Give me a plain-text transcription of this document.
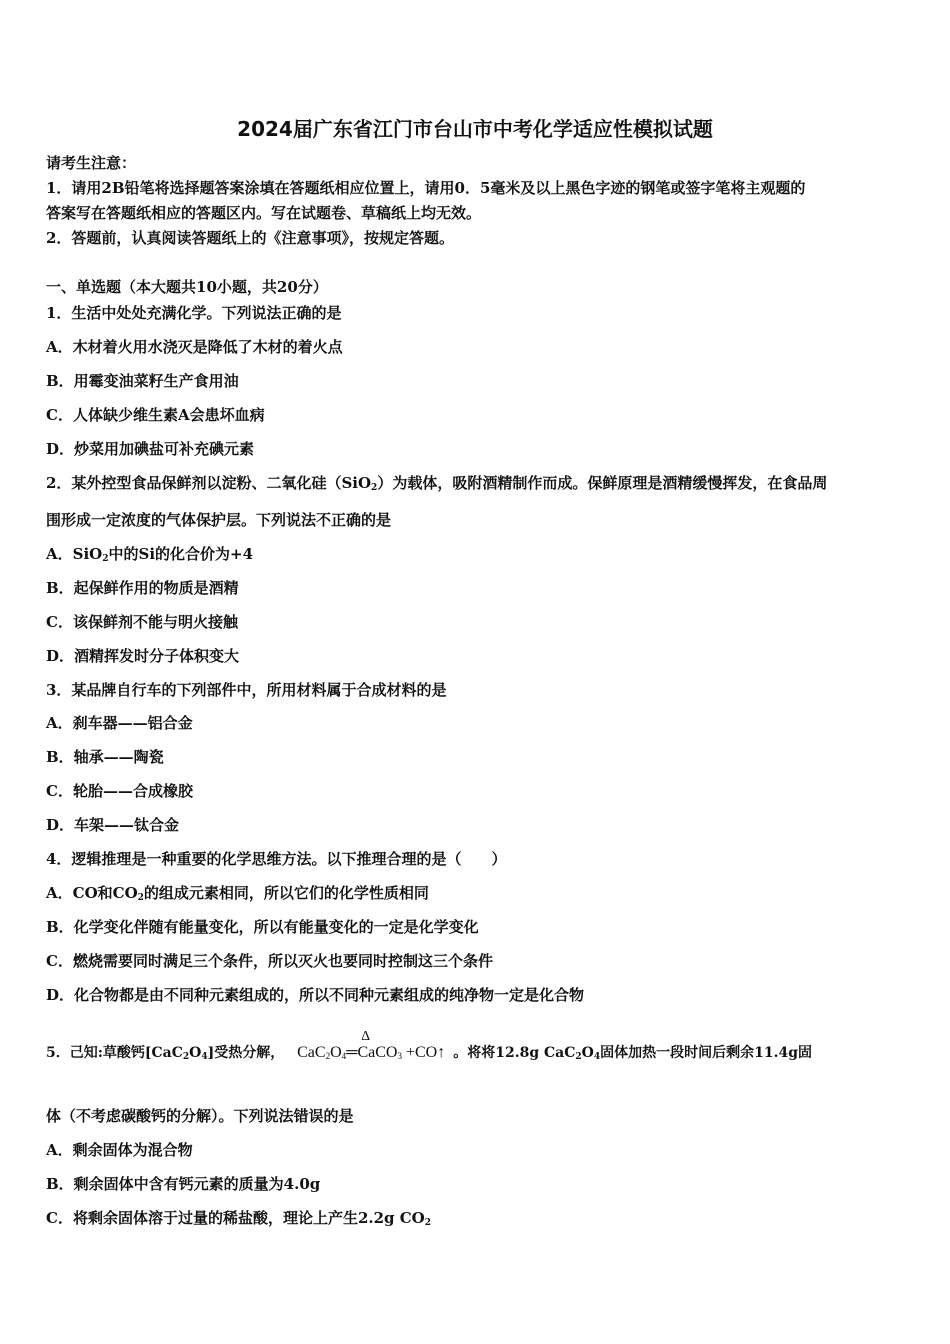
2024届广东省江门市台山市中考化学适应性模拟试题
请考生注意：
1．请用2B铅笔将选择题答案涂填在答题纸相应位置上，请用0．5毫米及以上黑色字迹的钢笔或签字笔将主观题的
答案写在答题纸相应的答题区内。写在试题卷、草稿纸上均无效。
2．答题前，认真阅读答题纸上的《注意事项》，按规定答题。
一、单选题（本大题共10小题，共20分）
1．生活中处处充满化学。下列说法正确的是
A．木材着火用水浇灭是降低了木材的着火点
B．用霉变油菜籽生产食用油
C．人体缺少维生素A会患坏血病
D．炒菜用加碘盐可补充碘元素
2．某外控型食品保鲜剂以淀粉、二氧化硅（SiO$_2$）为载体，吸附酒精制作而成。保鲜原理是酒精缓慢挥发，在食品周
围形成一定浓度的气体保护层。下列说法不正确的是
A．SiO$_2$中的Si的化合价为+4
B．起保鲜作用的物质是酒精
C．该保鲜剂不能与明火接触
D．酒精挥发时分子体积变大
3．某品牌自行车的下列部件中，所用材料属于合成材料的是
A．刹车器——铝合金
B．轴承——陶瓷
C．轮胎——合成橡胶
D．车架——钛合金
4．逻辑推理是一种重要的化学思维方法。以下推理合理的是（　　）
A．CO和$CO_2$的组成元素相同，所以它们的化学性质相同
B．化学变化伴随有能量变化，所以有能量变化的一定是化学变化
C．燃烧需要同时满足三个条件，所以灭火也要同时控制这三个条件
D．化合物都是由不同种元素组成的，所以不同种元素组成的纯净物一定是化合物
5．己知:草酸钙$[CaC_2O_4]$受热分解， $CaC_2O_4$
Δ
═CaCO$_3$ +CO↑ 。将将12.8g $CaC_2O_4$固体加热一段时间后剩余11.4g固
体（不考虑碳酸钙的分解）。下列说法错误的是
A．剩余固体为混合物
B．剩余固体中含有钙元素的质量为4.0g
C．将剩余固体溶于过量的稀盐酸，理论上产生2.2g $CO_2$
